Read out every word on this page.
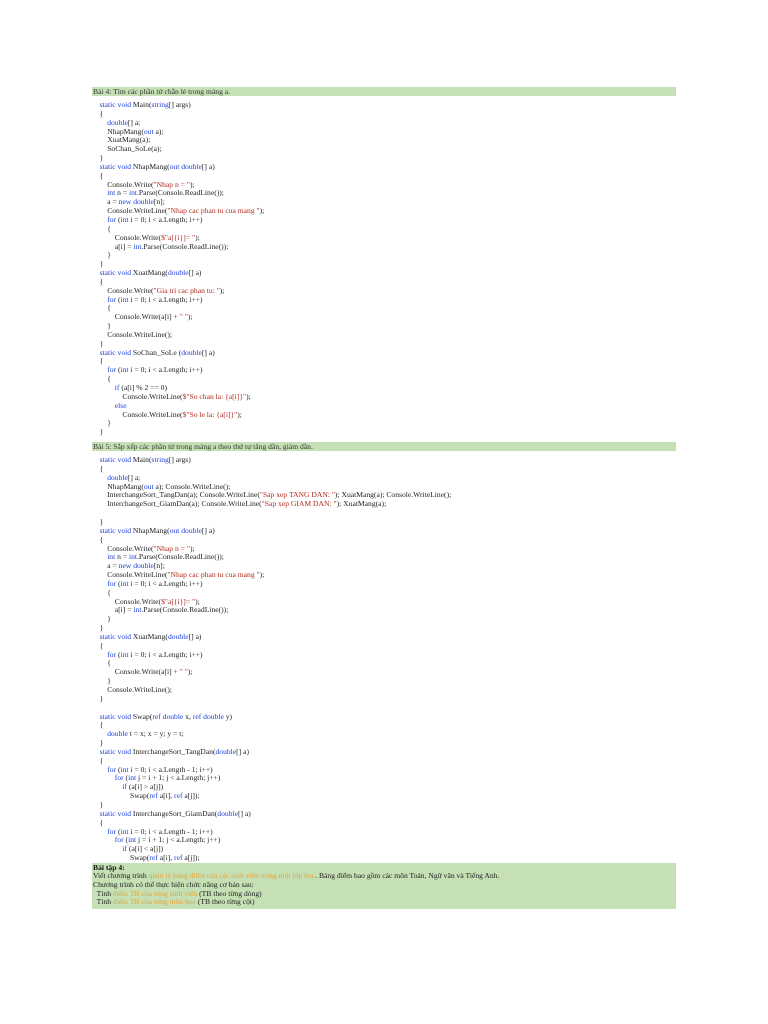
Bài 4: Tìm các phần tử chẵn lẻ trong mảng a.
static void Main(string[] args)
{
double[] a;
NhapMang(out a);
XuatMang(a);
SoChan_SoLe(a);
}
static void NhapMang(out double[] a)
{
Console.Write("Nhap n = ");
int n = int.Parse(Console.ReadLine());
a = new double[n];
Console.WriteLine("Nhap cac phan tu cua mang ");
for (int i = 0; i < a.Length; i++)
{
Console.Write($"a[{i}]= ");
a[i] = int.Parse(Console.ReadLine());
}
}
static void XuatMang(double[] a)
{
Console.Write("Gia tri cac phan tu: ");
for (int i = 0; i < a.Length; i++)
{
Console.Write(a[i] + " ");
}
Console.WriteLine();
}
static void SoChan_SoLe (double[] a)
{
for (int i = 0; i < a.Length; i++)
{
if (a[i] % 2 == 0)
Console.WriteLine($"So chan la: {a[i]}");
else
Console.WriteLine($"So le la: {a[i]}");
}
}
Bài 5: Sắp xếp các phần tử trong mảng a theo thứ tự tăng dần, giảm dần.
static void Main(string[] args)
{
double[] a;
NhapMang(out a); Console.WriteLine();
InterchangeSort_TangDan(a); Console.WriteLine("Sap xep TANG DAN: "); XuatMang(a); Console.WriteLine();
InterchangeSort_GiamDan(a); Console.WriteLine("Sap xep GIAM DAN: "); XuatMang(a);
}
static void NhapMang(out double[] a)
{
Console.Write("Nhap n = ");
int n = int.Parse(Console.ReadLine());
a = new double[n];
Console.WriteLine("Nhap cac phan tu cua mang ");
for (int i = 0; i < a.Length; i++)
{
Console.Write($"a[{i}]= ");
a[i] = int.Parse(Console.ReadLine());
}
}
static void XuatMang(double[] a)
{
for (int i = 0; i < a.Length; i++)
{
Console.Write(a[i] + " ");
}
Console.WriteLine();
}
static void Swap(ref double x, ref double y)
{
double t = x; x = y; y = t;
}
static void InterchangeSort_TangDan(double[] a)
{
for (int i = 0; i < a.Length - 1; i++)
for (int j = i + 1; j < a.Length; j++)
if (a[i] > a[j])
Swap(ref a[i], ref a[j]);
}
static void InterchangeSort_GiamDan(double[] a)
{
for (int i = 0; i < a.Length - 1; i++)
for (int j = i + 1; j < a.Length; j++)
if (a[i] < a[j])
Swap(ref a[i], ref a[j]);
Bài tập 4:
Viết chương trình quản lý bảng điểm của các sinh viên trong một lớp học. Bảng điểm bao gồm các môn Toán, Ngữ văn và Tiếng Anh.
Chương trình có thể thực hiện chức năng cơ bản sau:
Tính điểm TB của từng sinh viên (TB theo từng dòng)
Tính điểm TB của từng môn học (TB theo từng cột)
